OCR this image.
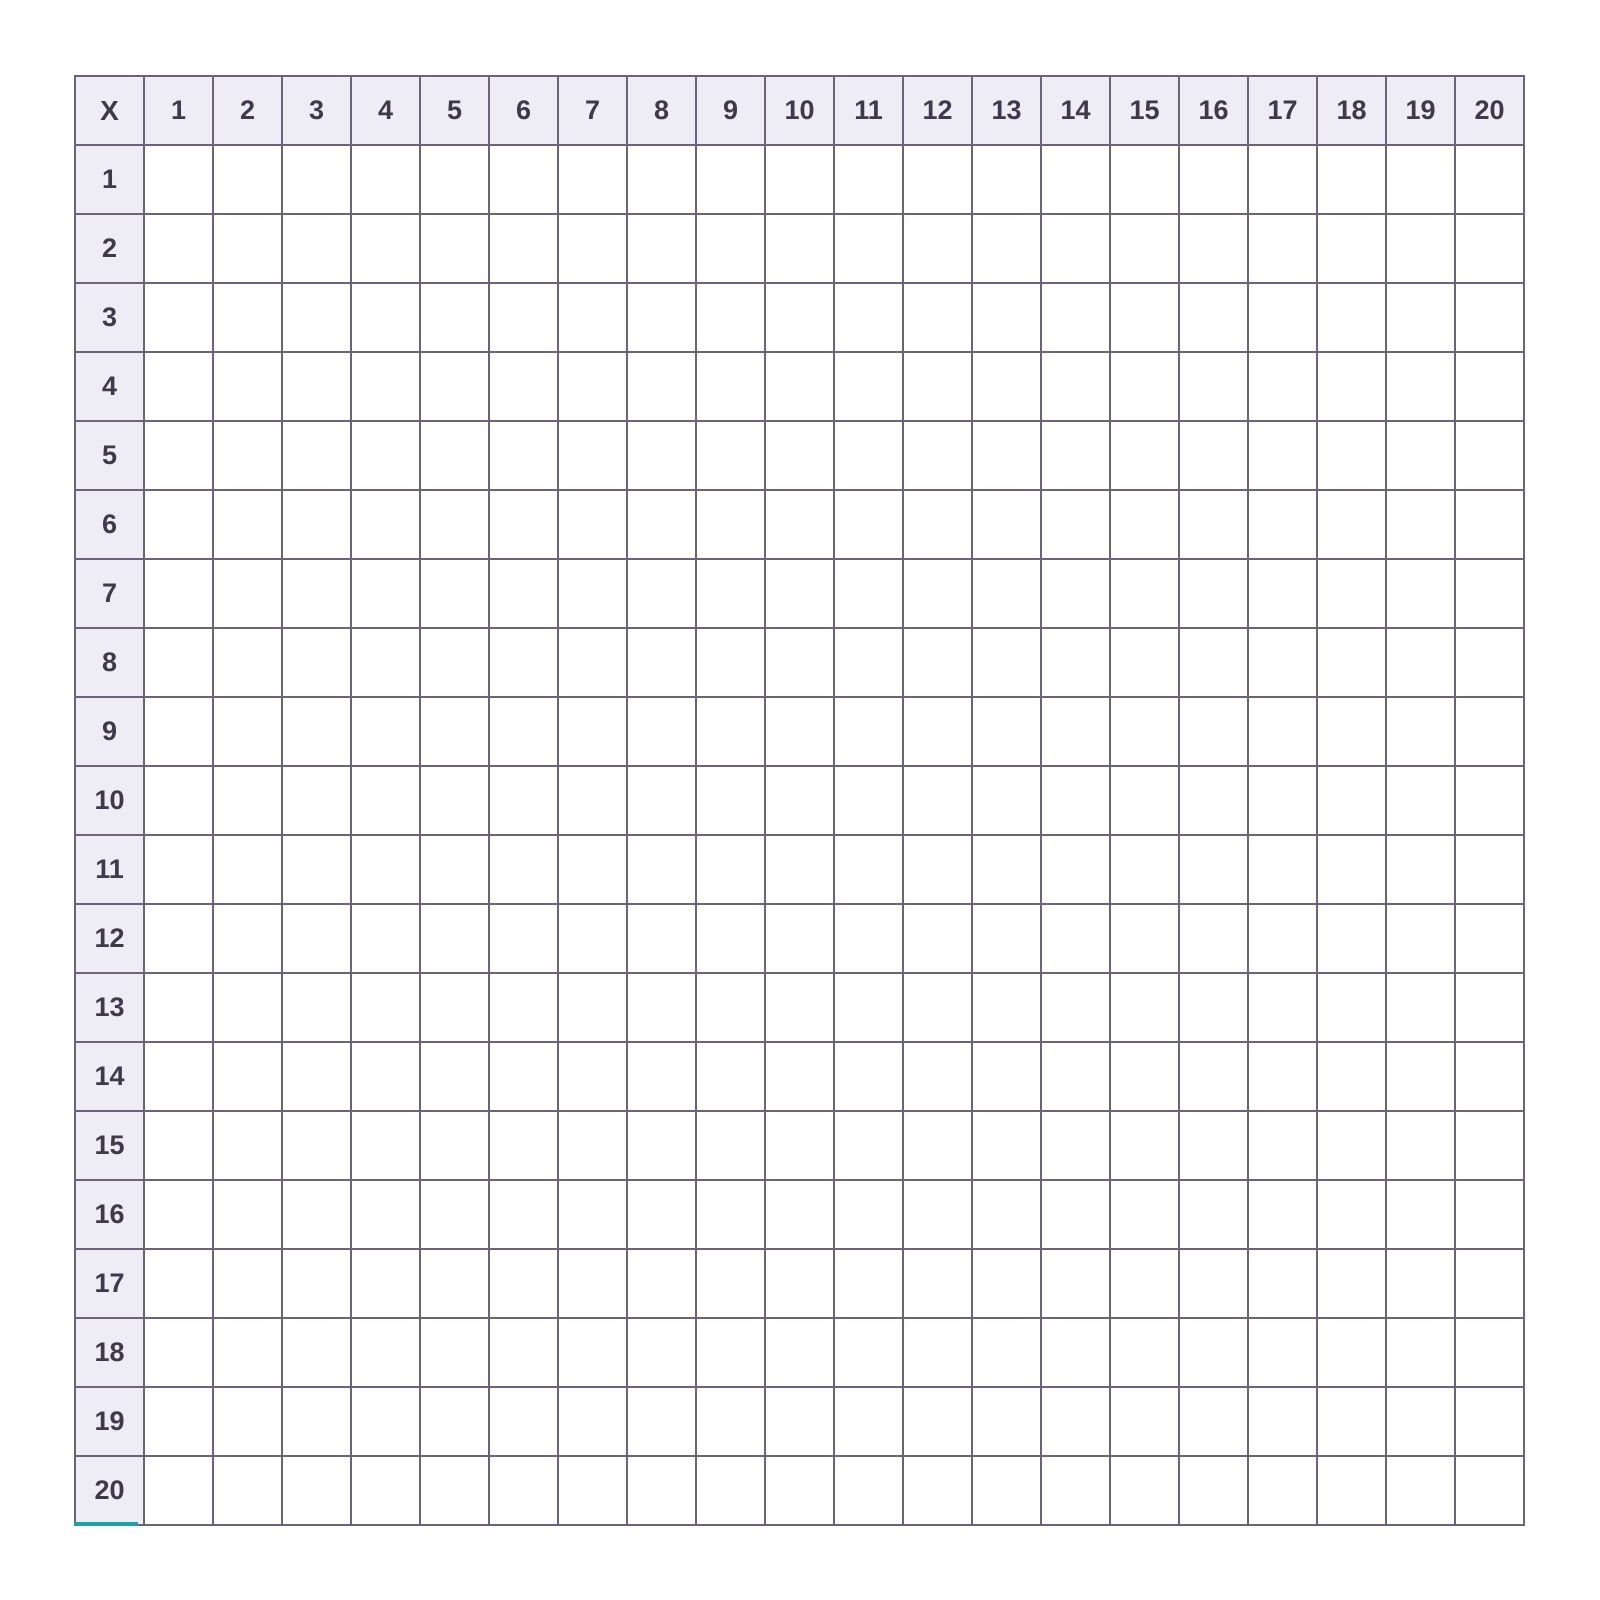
X	1	2	3	4	5	6	7	8	9	10	11	12	13	14	15	16	17	18	19	20
1																				
2																				
3																				
4																				
5																				
6																				
7																				
8																				
9																				
10																				
11																				
12																				
13																				
14																				
15																				
16																				
17																				
18																				
19																				
20																				
